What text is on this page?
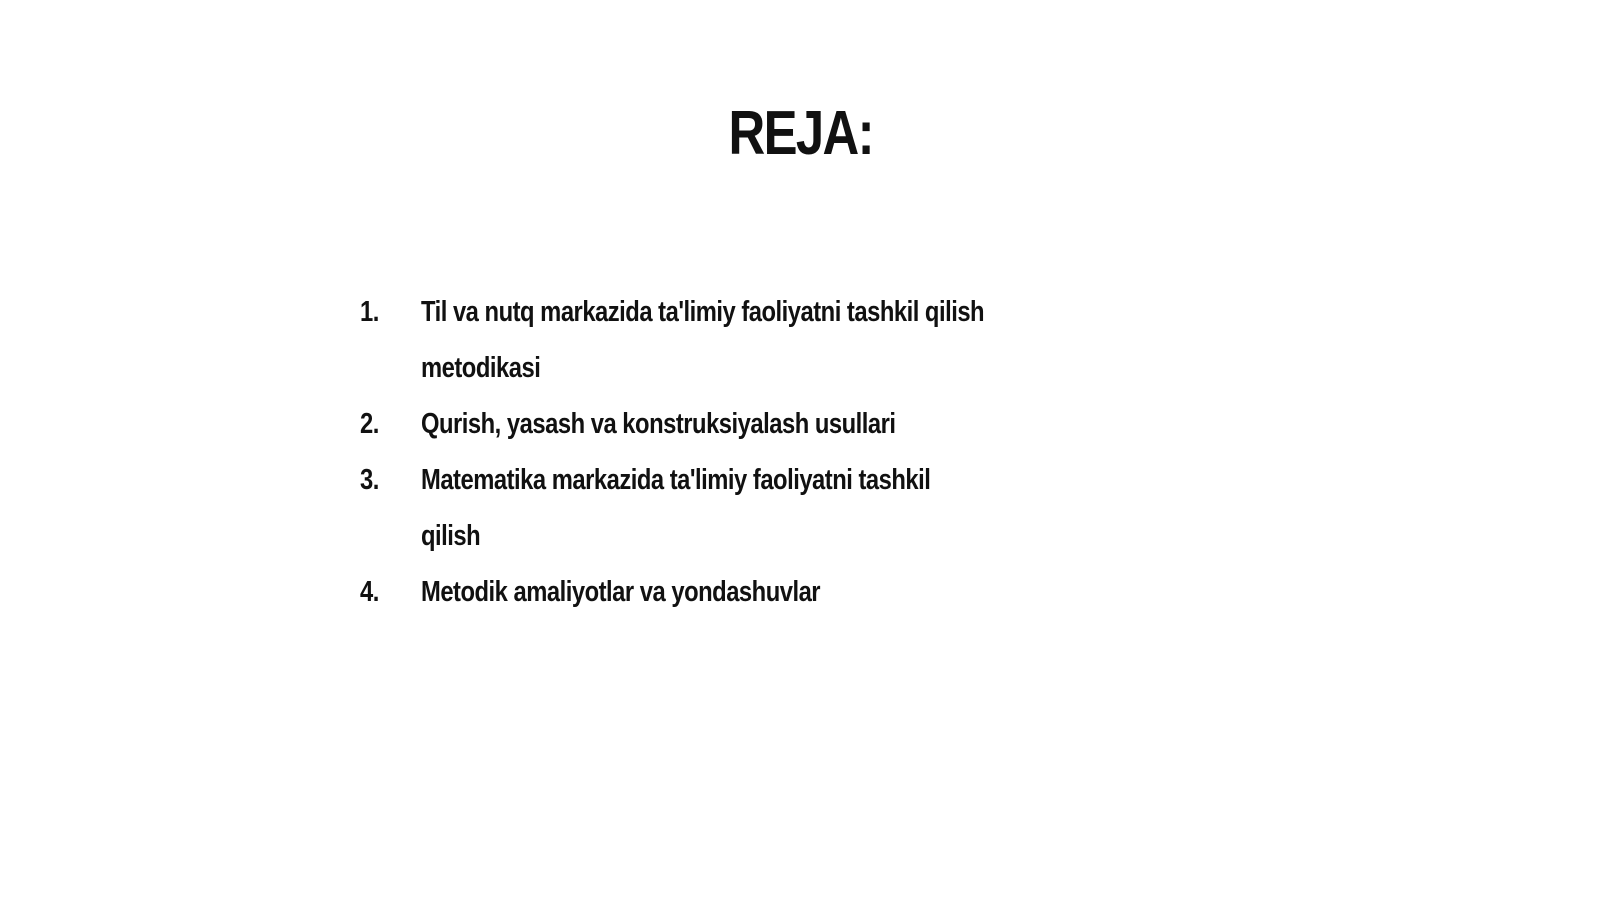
REJA:
1.	Til va nutq markazida ta'limiy faoliyatni tashkil qilish
metodikasi
2.	Qurish, yasash va konstruksiyalash usullari
3.	Matematika markazida ta'limiy faoliyatni tashkil qilish
4.	Metodik amaliyotlar va yondashuvlar
